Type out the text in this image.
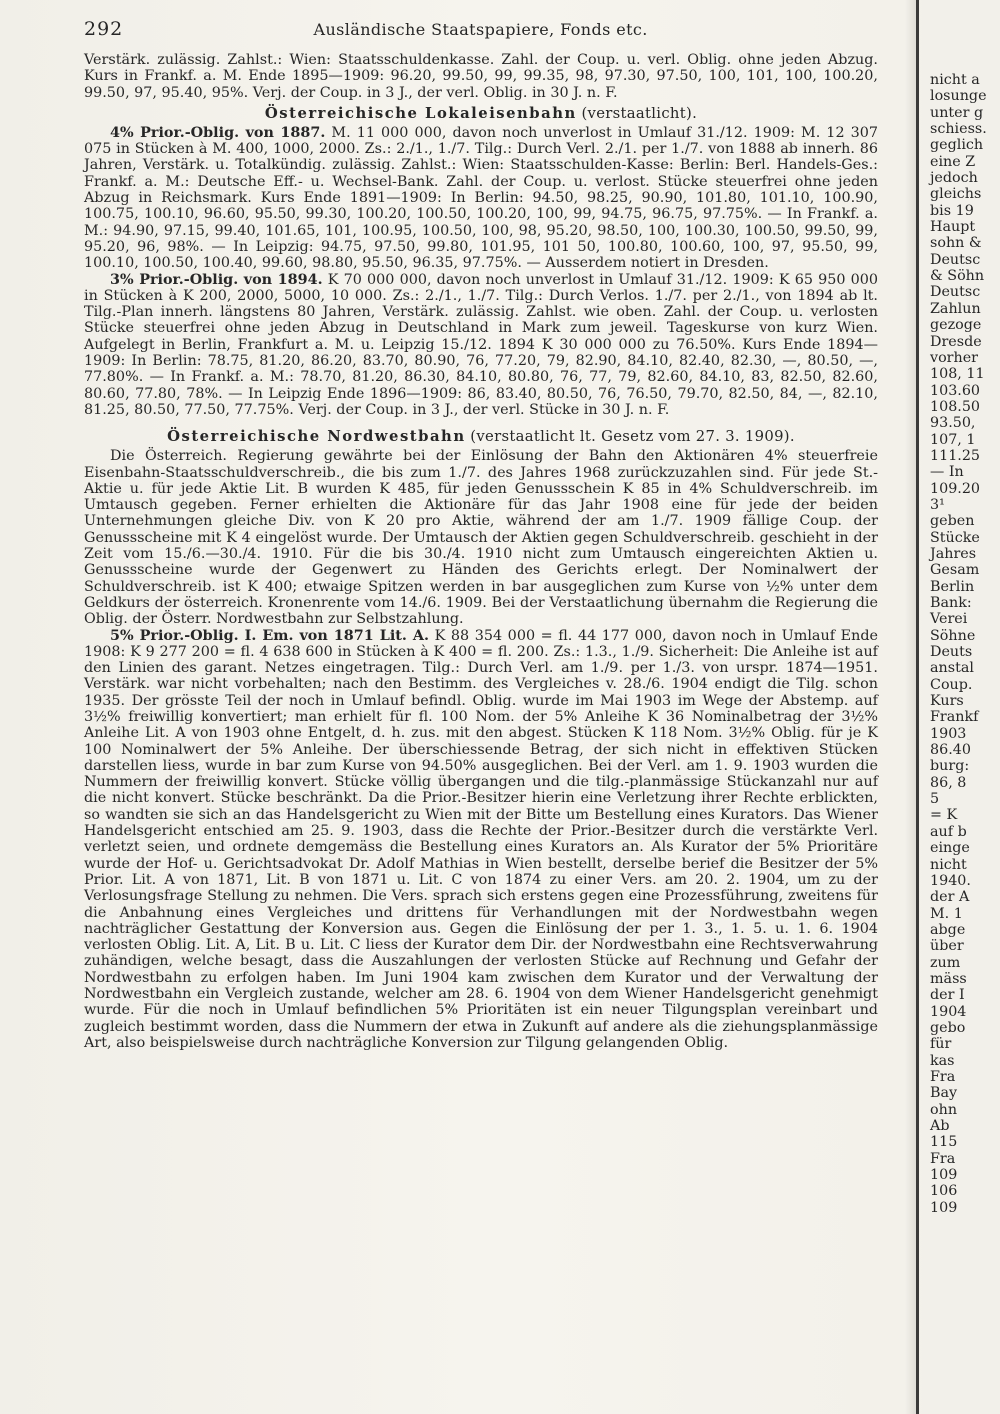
292	Ausländische Staatspapiere, Fonds etc.

Verstärk. zulässig. Zahlst.: Wien: Staatsschuldenkasse. Zahl. der Coup. u. verl. Oblig. ohne jeden Abzug. Kurs in Frankf. a. M. Ende 1895—1909: 96.20, 99.50, 99, 99.35, 98, 97.30, 97.50, 100, 101, 100, 100.20, 99.50, 97, 95.40, 95%. Verj. der Coup. in 3 J., der verl. Oblig. in 30 J. n. F.

Österreichische Lokaleisenbahn (verstaatlicht).

4% Prior.-Oblig. von 1887. M. 11 000 000, davon noch unverlost in Umlauf 31./12. 1909: M. 12 307 075 in Stücken à M. 400, 1000, 2000. Zs.: 2./1., 1./7. Tilg.: Durch Verl. 2./1. per 1./7. von 1888 ab innerh. 86 Jahren, Verstärk. u. Totalkündig. zulässig. Zahlst.: Wien: Staatsschulden-Kasse: Berlin: Berl. Handels-Ges.: Frankf. a. M.: Deutsche Eff.- u. Wechsel-Bank. Zahl. der Coup. u. verlost. Stücke steuerfrei ohne jeden Abzug in Reichsmark. Kurs Ende 1891—1909: In Berlin: 94.50, 98.25, 90.90, 101.80, 101.10, 100.90, 100.75, 100.10, 96.60, 95.50, 99.30, 100.20, 100.50, 100.20, 100, 99, 94.75, 96.75, 97.75%. — In Frankf. a. M.: 94.90, 97.15, 99.40, 101.65, 101, 100.95, 100.50, 100, 98, 95.20, 98.50, 100, 100.30, 100.50, 99.50, 99, 95.20, 96, 98%. — In Leipzig: 94.75, 97.50, 99.80, 101.95, 101 50, 100.80, 100.60, 100, 97, 95.50, 99, 100.10, 100.50, 100.40, 99.60, 98.80, 95.50, 96.35, 97.75%. — Ausserdem notiert in Dresden.

3% Prior.-Oblig. von 1894. K 70 000 000, davon noch unverlost in Umlauf 31./12. 1909: K 65 950 000 in Stücken à K 200, 2000, 5000, 10 000. Zs.: 2./1., 1./7. Tilg.: Durch Verlos. 1./7. per 2./1., von 1894 ab lt. Tilg.-Plan innerh. längstens 80 Jahren, Verstärk. zulässig. Zahlst. wie oben. Zahl. der Coup. u. verlosten Stücke steuerfrei ohne jeden Abzug in Deutschland in Mark zum jeweil. Tageskurse von kurz Wien. Aufgelegt in Berlin, Frankfurt a. M. u. Leipzig 15./12. 1894 K 30 000 000 zu 76.50%. Kurs Ende 1894—1909: In Berlin: 78.75, 81.20, 86.20, 83.70, 80.90, 76, 77.20, 79, 82.90, 84.10, 82.40, 82.30, —, 80.50, —, 77.80%. — In Frankf. a. M.: 78.70, 81.20, 86.30, 84.10, 80.80, 76, 77, 79, 82.60, 84.10, 83, 82.50, 82.60, 80.60, 77.80, 78%. — In Leipzig Ende 1896—1909: 86, 83.40, 80.50, 76, 76.50, 79.70, 82.50, 84, —, 82.10, 81.25, 80.50, 77.50, 77.75%. Verj. der Coup. in 3 J., der verl. Stücke in 30 J. n. F.

Österreichische Nordwestbahn (verstaatlicht lt. Gesetz vom 27. 3. 1909).

Die Österreich. Regierung gewährte bei der Einlösung der Bahn den Aktionären 4% steuerfreie Eisenbahn-Staatsschuldverschreib., die bis zum 1./7. des Jahres 1968 zurückzuzahlen sind. Für jede St.-Aktie u. für jede Aktie Lit. B wurden K 485, für jeden Genussschein K 85 in 4% Schuldverschreib. im Umtausch gegeben. Ferner erhielten die Aktionäre für das Jahr 1908 eine für jede der beiden Unternehmungen gleiche Div. von K 20 pro Aktie, während der am 1./7. 1909 fällige Coup. der Genussscheine mit K 4 eingelöst wurde. Der Umtausch der Aktien gegen Schuldverschreib. geschieht in der Zeit vom 15./6.—30./4. 1910. Für die bis 30./4. 1910 nicht zum Umtausch eingereichten Aktien u. Genussscheine wurde der Gegenwert zu Händen des Gerichts erlegt. Der Nominalwert der Schuldverschreib. ist K 400; etwaige Spitzen werden in bar ausgeglichen zum Kurse von ½% unter dem Geldkurs der österreich. Kronenrente vom 14./6. 1909. Bei der Verstaatlichung übernahm die Regierung die Oblig. der Österr. Nordwestbahn zur Selbstzahlung.

5% Prior.-Oblig. I. Em. von 1871 Lit. A. K 88 354 000 = fl. 44 177 000, davon noch in Umlauf Ende 1908: K 9 277 200 = fl. 4 638 600 in Stücken à K 400 = fl. 200. Zs.: 1.3., 1./9. Sicherheit: Die Anleihe ist auf den Linien des garant. Netzes eingetragen. Tilg.: Durch Verl. am 1./9. per 1./3. von urspr. 1874—1951. Verstärk. war nicht vorbehalten; nach den Bestimm. des Vergleiches v. 28./6. 1904 endigt die Tilg. schon 1935. Der grösste Teil der noch in Umlauf befindl. Oblig. wurde im Mai 1903 im Wege der Abstemp. auf 3½% freiwillig konvertiert; man erhielt für fl. 100 Nom. der 5% Anleihe K 36 Nominalbetrag der 3½% Anleihe Lit. A von 1903 ohne Entgelt, d. h. zus. mit den abgest. Stücken K 118 Nom. 3½% Oblig. für je K 100 Nominalwert der 5% Anleihe. Der überschiessende Betrag, der sich nicht in effektiven Stücken darstellen liess, wurde in bar zum Kurse von 94.50% ausgeglichen. Bei der Verl. am 1. 9. 1903 wurden die Nummern der freiwillig konvert. Stücke völlig übergangen und die tilg.-planmässige Stückanzahl nur auf die nicht konvert. Stücke beschränkt. Da die Prior.-Besitzer hierin eine Verletzung ihrer Rechte erblickten, so wandten sie sich an das Handelsgericht zu Wien mit der Bitte um Bestellung eines Kurators. Das Wiener Handelsgericht entschied am 25. 9. 1903, dass die Rechte der Prior.-Besitzer durch die verstärkte Verl. verletzt seien, und ordnete demgemäss die Bestellung eines Kurators an. Als Kurator der 5% Prioritäre wurde der Hof- u. Gerichtsadvokat Dr. Adolf Mathias in Wien bestellt, derselbe berief die Besitzer der 5% Prior. Lit. A von 1871, Lit. B von 1871 u. Lit. C von 1874 zu einer Vers. am 20. 2. 1904, um zu der Verlosungsfrage Stellung zu nehmen. Die Vers. sprach sich erstens gegen eine Prozessführung, zweitens für die Anbahnung eines Vergleiches und drittens für Verhandlungen mit der Nordwestbahn wegen nachträglicher Gestattung der Konversion aus. Gegen die Einlösung der per 1. 3., 1. 5. u. 1. 6. 1904 verlosten Oblig. Lit. A, Lit. B u. Lit. C liess der Kurator dem Dir. der Nordwestbahn eine Rechtsverwahrung zuhändigen, welche besagt, dass die Auszahlungen der verlosten Stücke auf Rechnung und Gefahr der Nordwestbahn zu erfolgen haben. Im Juni 1904 kam zwischen dem Kurator und der Verwaltung der Nordwestbahn ein Vergleich zustande, welcher am 28. 6. 1904 von dem Wiener Handelsgericht genehmigt wurde. Für die noch in Umlauf befindlichen 5% Prioritäten ist ein neuer Tilgungsplan vereinbart und zugleich bestimmt worden, dass die Nummern der etwa in Zukunft auf andere als die ziehungsplanmässige Art, also beispielsweise durch nachträgliche Konversion zur Tilgung gelangenden Oblig.

nicht a
losunge
unter g
schiess.
geglich
eine Z
jedoch
gleichs
bis 19
Haupt
sohn &
Deutsc
& Söhn
Deutsc
Zahlun
gezoge
Dresde
vorher
108, 11
103.60
108.50
93.50,
107, 1
111.25
— In
109.20
3¹
geben
Stücke
Jahres
Gesam
Berlin
Bank:
Verei
Söhne
Deuts
anstal
Coup.
Kurs
Frankf
1903
86.40
burg:
86, 8
5
= K
auf b
einge
nicht
1940.
der A
M. 1
abge
über
zum
mäss
der I
1904
gebo
für
kas
Fra
Bay
ohn
Ab
115
Fra
109
106
109
